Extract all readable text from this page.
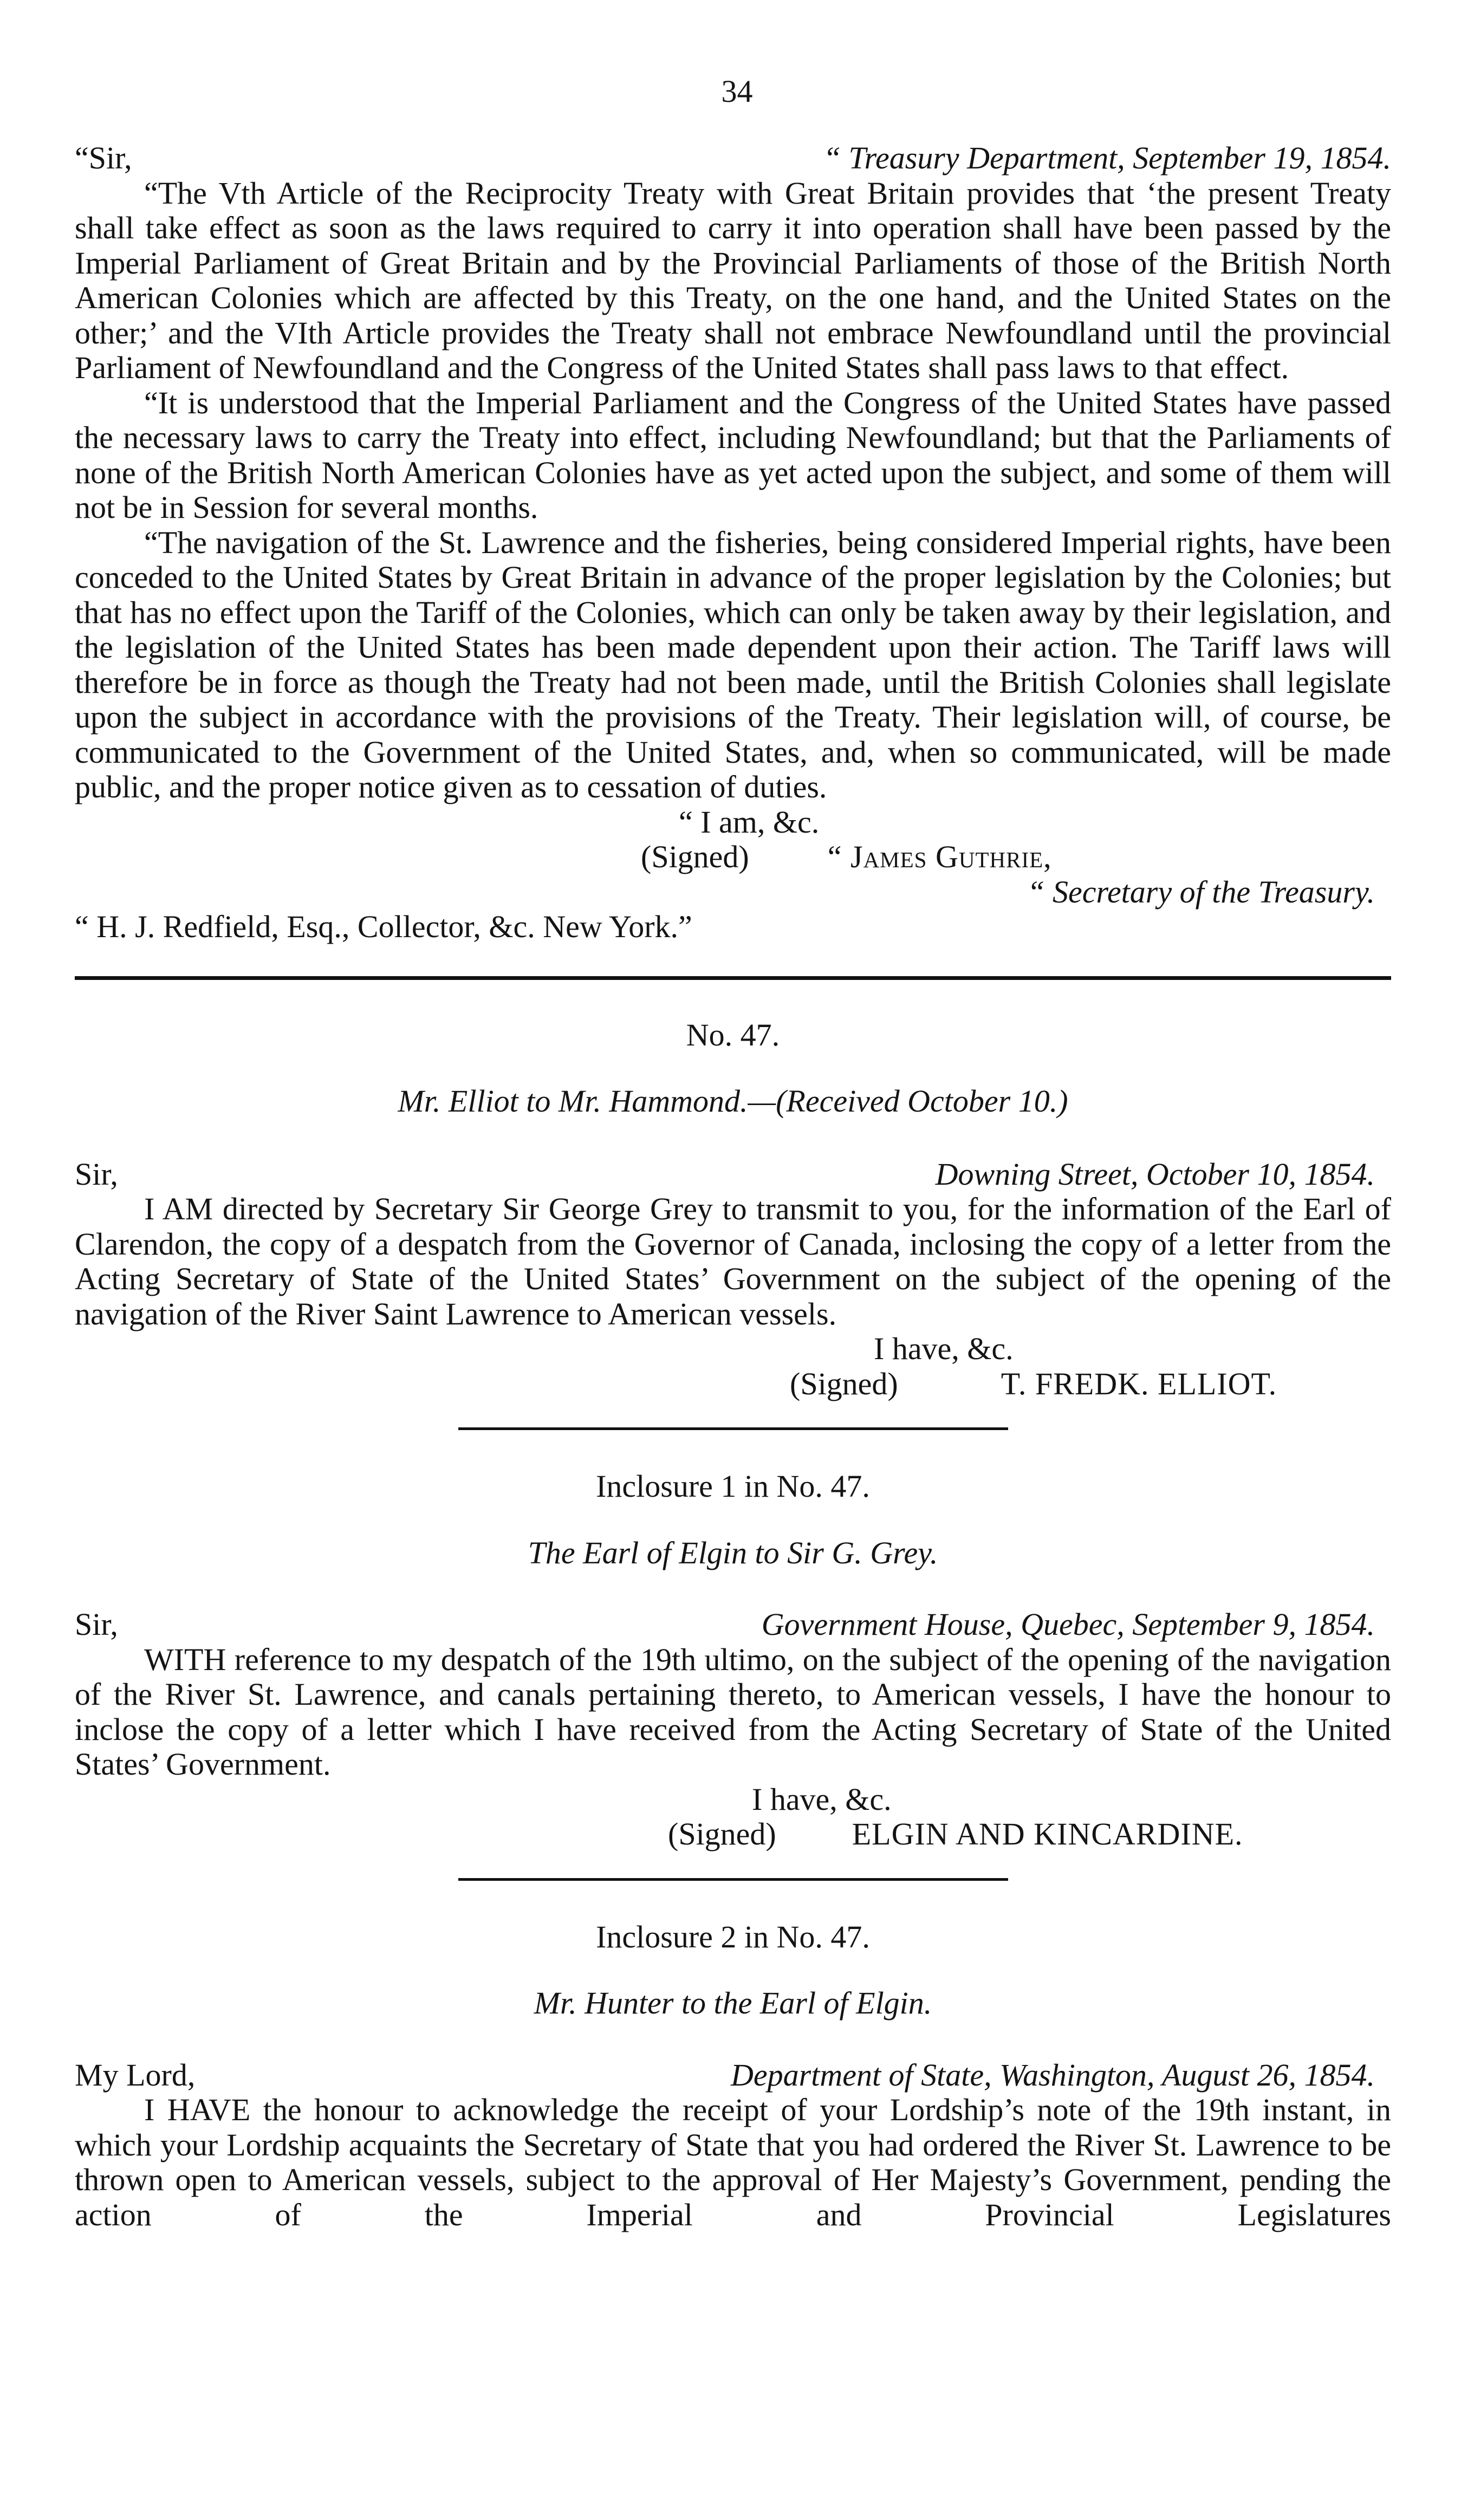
34
“Sir,	“ Treasury Department, September 19, 1854.

“The Vth Article of the Reciprocity Treaty with Great Britain provides that ‘the present Treaty shall take effect as soon as the laws required to carry it into operation shall have been passed by the Imperial Parliament of Great Britain and by the Provincial Parliaments of those of the British North American Colonies which are affected by this Treaty, on the one hand, and the United States on the other;’ and the VIth Article provides the Treaty shall not embrace Newfoundland until the provincial Parliament of Newfoundland and the Congress of the United States shall pass laws to that effect.

“It is understood that the Imperial Parliament and the Congress of the United States have passed the necessary laws to carry the Treaty into effect, including Newfoundland; but that the Parliaments of none of the British North American Colonies have as yet acted upon the subject, and some of them will not be in Session for several months.

“The navigation of the St. Lawrence and the fisheries, being considered Imperial rights, have been conceded to the United States by Great Britain in advance of the proper legislation by the Colonies; but that has no effect upon the Tariff of the Colonies, which can only be taken away by their legislation, and the legislation of the United States has been made dependent upon their action. The Tariff laws will therefore be in force as though the Treaty had not been made, until the British Colonies shall legislate upon the subject in accordance with the provisions of the Treaty. Their legislation will, of course, be communicated to the Government of the United States, and, when so communicated, will be made public, and the proper notice given as to cessation of duties.

“ I am, &c.
(Signed)	“ James Guthrie,
“ Secretary of the Treasury.
“ H. J. Redfield, Esq., Collector, &c. New York.”
No. 47.
Mr. Elliot to Mr. Hammond.—(Received October 10.)
Sir,	Downing Street, October 10, 1854.

I AM directed by Secretary Sir George Grey to transmit to you, for the information of the Earl of Clarendon, the copy of a despatch from the Governor of Canada, inclosing the copy of a letter from the Acting Secretary of State of the United States’ Government on the subject of the opening of the navigation of the River Saint Lawrence to American vessels.

I have, &c.
(Signed)	T. FREDK. ELLIOT.
Inclosure 1 in No. 47.
The Earl of Elgin to Sir G. Grey.
Sir,	Government House, Quebec, September 9, 1854.

WITH reference to my despatch of the 19th ultimo, on the subject of the opening of the navigation of the River St. Lawrence, and canals pertaining thereto, to American vessels, I have the honour to inclose the copy of a letter which I have received from the Acting Secretary of State of the United States’ Government.

I have, &c.
(Signed)	ELGIN AND KINCARDINE.
Inclosure 2 in No. 47.
Mr. Hunter to the Earl of Elgin.
My Lord,	Department of State, Washington, August 26, 1854.

I HAVE the honour to acknowledge the receipt of your Lordship’s note of the 19th instant, in which your Lordship acquaints the Secretary of State that you had ordered the River St. Lawrence to be thrown open to American vessels, subject to the approval of Her Majesty’s Government, pending the action of the Imperial and Provincial Legislatures
